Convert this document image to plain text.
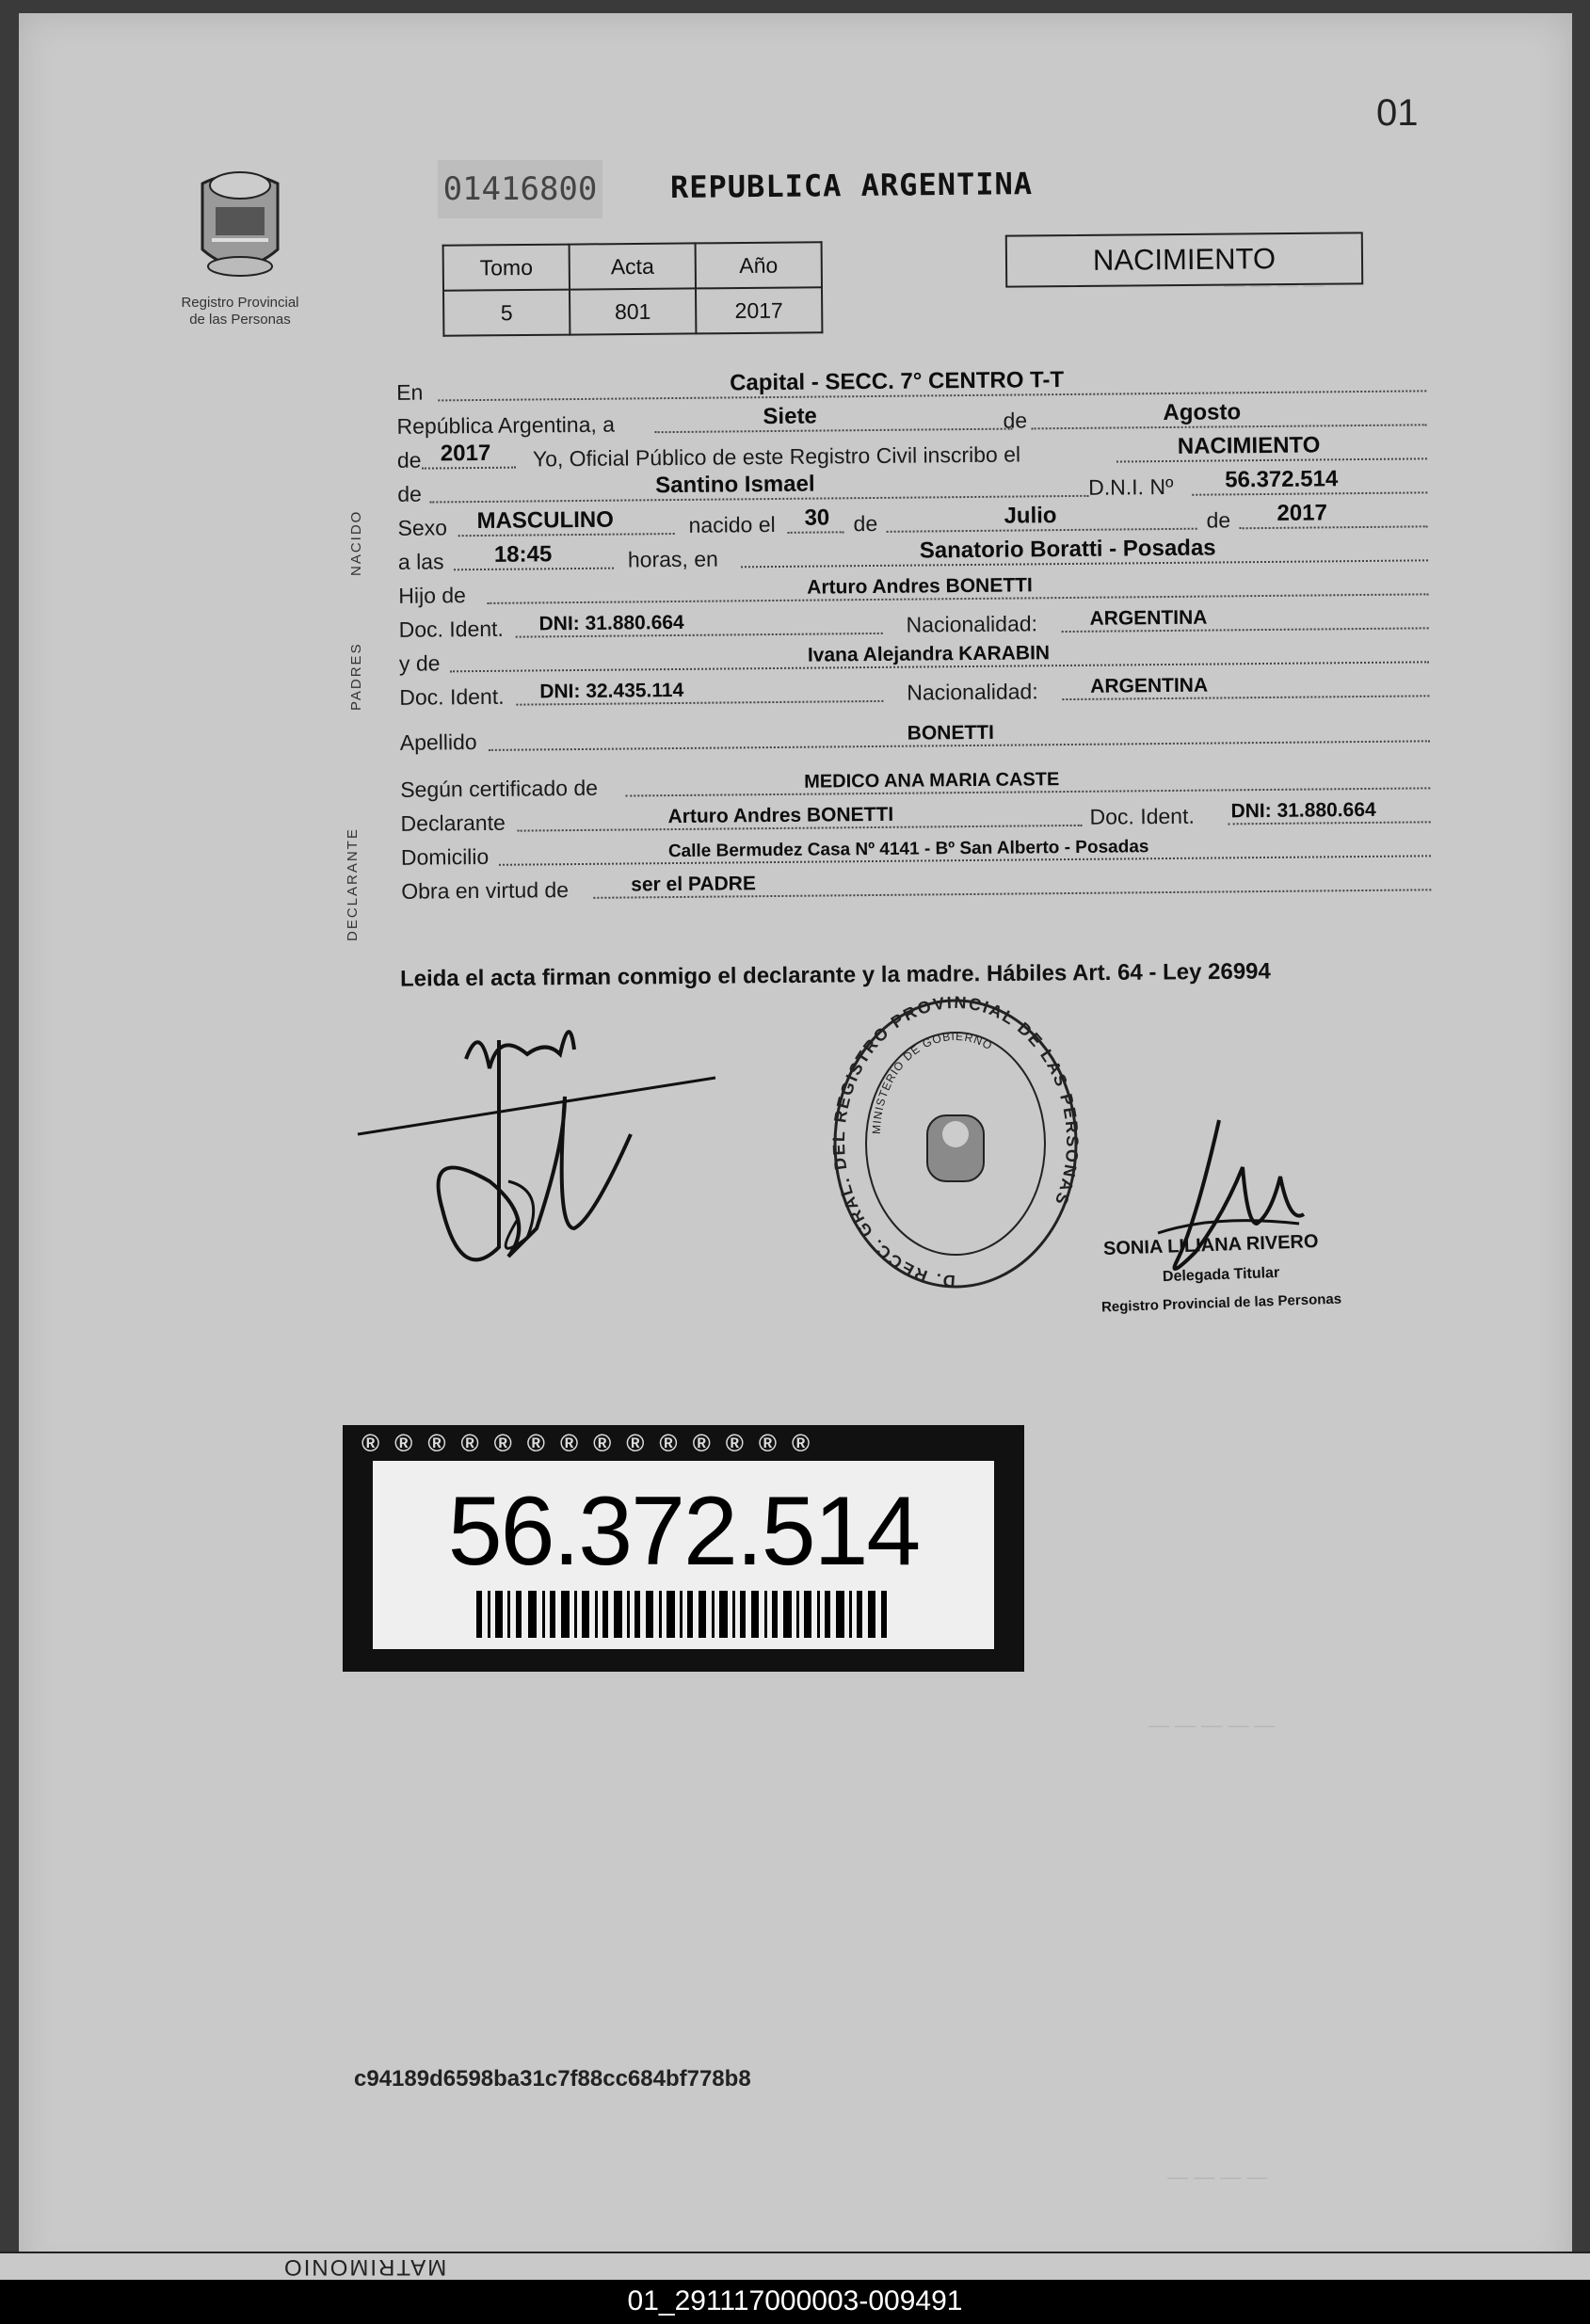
— — — —
— — — — —
— — — —
01
Registro Provincial
de las Personas
01416800 REPUBLICA ARGENTINA
Tomo	Acta	Año
5	801	2017
NACIMIENTO
NACIDO
PADRES
DECLARANTE
En	Capital - SECC. 7° CENTRO T-T
República Argentina, a	Siete	de	Agosto
de 2017 Yo, Oficial Público de este Registro Civil inscribo el	NACIMIENTO
de	Santino Ismael	D.N.I. Nº 56.372.514
Sexo MASCULINO	nacido el 30 de	Julio	de 2017
a las 18:45	horas, en	Sanatorio Boratti - Posadas
Hijo de	Arturo Andres BONETTI
Doc. Ident. DNI: 31.880.664	Nacionalidad:	ARGENTINA
y de	Ivana Alejandra KARABIN
Doc. Ident. DNI: 32.435.114	Nacionalidad:	ARGENTINA
Apellido	BONETTI
Según certificado de	MEDICO ANA MARIA CASTE
Declarante	Arturo Andres BONETTI	Doc. Ident. DNI: 31.880.664
Domicilio	Calle Bermudez Casa Nº 4141 - Bº San Alberto - Posadas
Obra en virtud de	ser el PADRE
Leida el acta firman conmigo el declarante y la madre. Hábiles Art. 64 - Ley 26994
D. RECC. GRAL. DEL REGISTRO PROVINCIAL DE LAS PERSONAS
MINISTERIO DE GOBIERNO
SONIA LILIANA RIVERO
Delegada Titular
Registro Provincial de las Personas
®®®®®®®®®®®®®®
56.372.514
c94189d6598ba31c7f88cc684bf778b8
MATRIMONIO
01_291117000003-009491
